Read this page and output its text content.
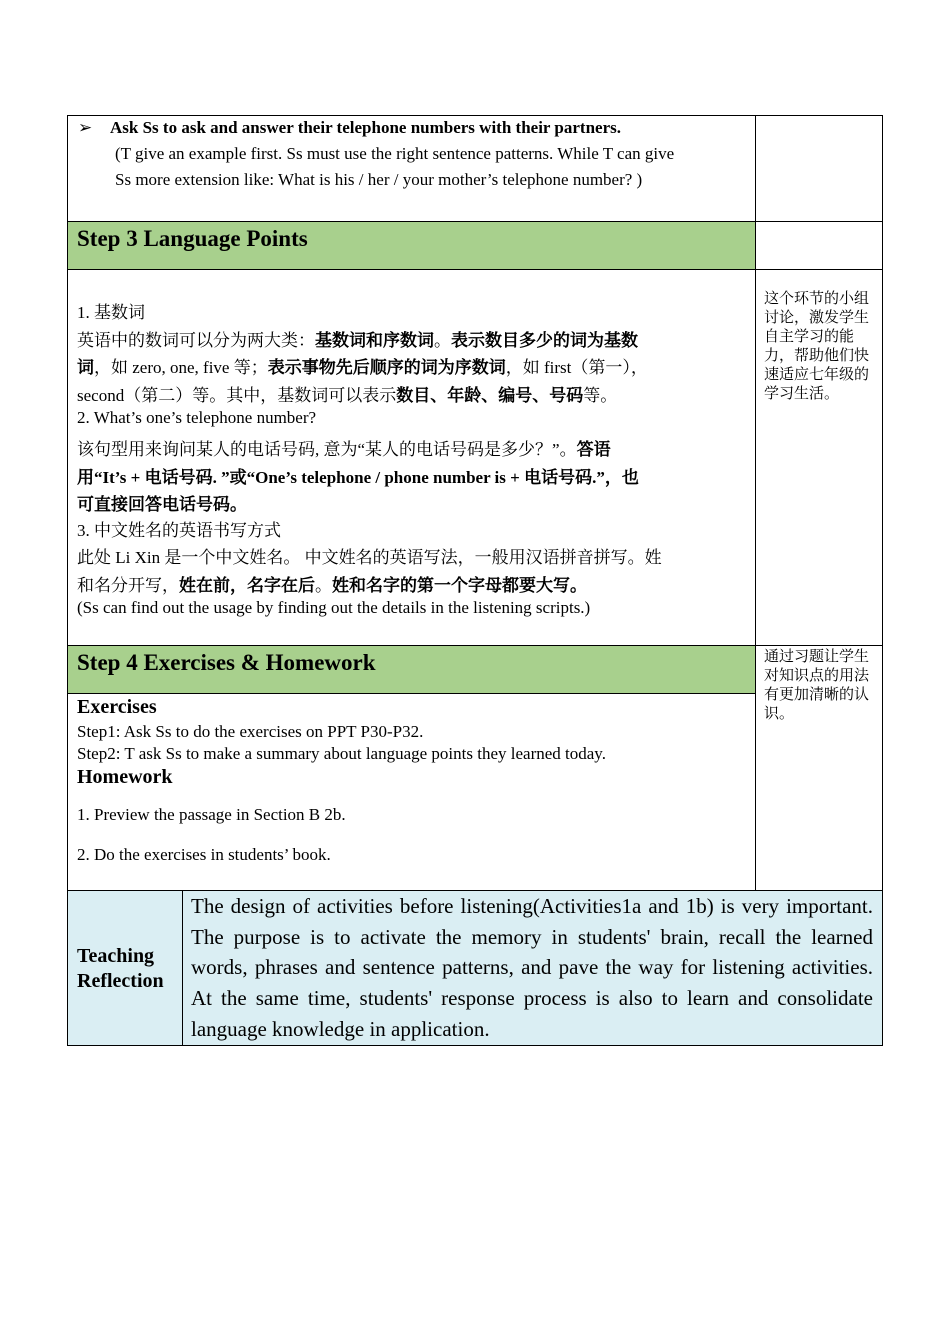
➢ Ask Ss to ask and answer their telephone numbers with their partners.
(T give an example first. Ss must use the right sentence patterns. While T can give
Ss more extension like: What is his / her / your mother’s telephone number? )
Step 3 Language Points
1. 基数词
英语中的数词可以分为两大类：基数词和序数词。表示数目多少的词为基数
词，如 zero, one, five 等；表示事物先后顺序的词为序数词，如 first（第一），
second（第二）等。其中，基数词可以表示数目、年龄、编号、号码等。
2. What’s one’s telephone number?
该句型用来询问某人的电话号码, 意为“某人的电话号码是多少？”。答语
用“It’s + 电话号码. ”或“One’s telephone / phone number is + 电话号码.”，也
可直接回答电话号码。
3. 中文姓名的英语书写方式
此处 Li Xin 是一个中文姓名。 中文姓名的英语写法，一般用汉语拼音拼写。姓
和名分开写，姓在前，名字在后。姓和名字的第一个字母都要大写。
(Ss can find out the usage by finding out the details in the listening scripts.)
这个环节的小组讨论，激发学生自主学习的能力，帮助他们快速适应七年级的学习生活。
Step 4 Exercises & Homework
Exercises
Step1: Ask Ss to do the exercises on PPT P30-P32.
Step2: T ask Ss to make a summary about language points they learned today.
Homework
1. Preview the passage in Section B 2b.
2. Do the exercises in students’ book.
通过习题让学生对知识点的用法有更加清晰的认识。
Teaching
Reflection
The design of activities before listening(Activities1a and 1b) is very important. The purpose is to activate the memory in students' brain, recall the learned words, phrases and sentence patterns, and pave the way for listening activities. At the same time, students' response process is also to learn and consolidate language knowledge in application.
